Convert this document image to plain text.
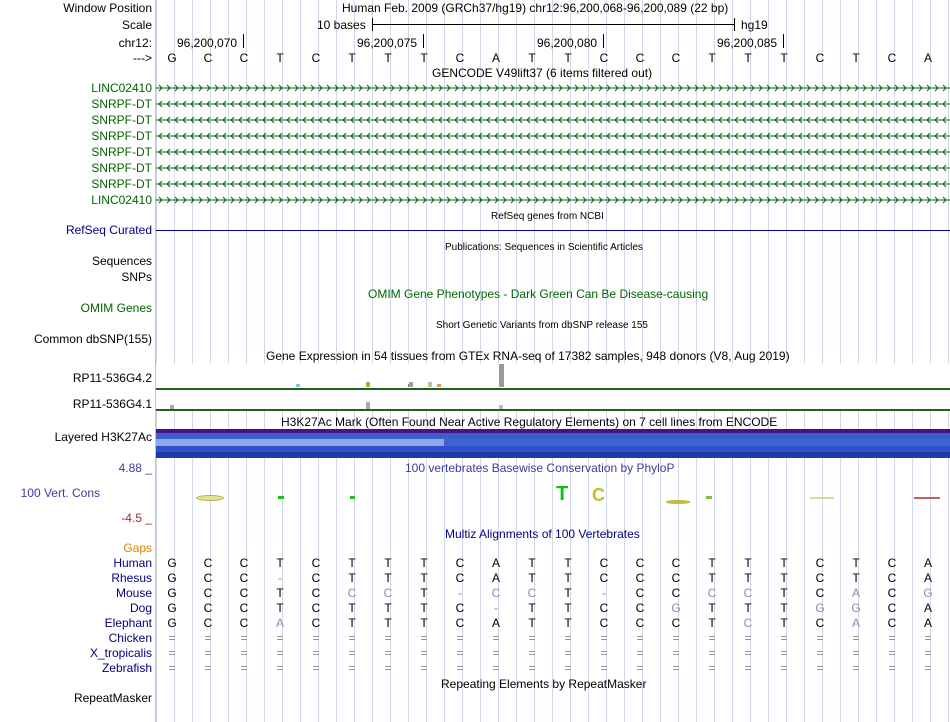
Window Position	Human Feb. 2009 (GRCh37/hg19) chr12:96,200,068-96,200,089 (22 bp)
Scale	10 bases	hg19
chr12: 96,200,070	96,200,075	96,200,080	96,200,085
--->	G	C	C	T	C	T	T	T	C	A	T	T	C	C	C	T	T	T	C	T	C	A
GENCODE V49lift37 (6 items filtered out)
LINC02410
SNRPF-DT
SNRPF-DT
SNRPF-DT
SNRPF-DT
SNRPF-DT
SNRPF-DT
LINC02410
RefSeq genes from NCBI
RefSeq Curated
Publications: Sequences in Scientific Articles
Sequences
SNPs
OMIM Gene Phenotypes - Dark Green Can Be Disease-causing
OMIM Genes
Short Genetic Variants from dbSNP release 155
Common dbSNP(155)
Gene Expression in 54 tissues from GTEx RNA-seq of 17382 samples, 948 donors (V8, Aug 2019)
RP11-536G4.2
RP11-536G4.1
H3K27Ac Mark (Often Found Near Active Regulatory Elements) on 7 cell lines from ENCODE
Layered H3K27Ac
4.88 _	100 vertebrates Basewise Conservation by PhyloP
100 Vert. Cons
-4.5 _
T C
Multiz Alignments of 100 Vertebrates
Gaps
Human	G	C	C	T	C	T	T	T	C	A	T	T	C	C	C	T	T	T	C	T	C	A
Rhesus	G	C	C	-	C	T	T	T	C	A	T	T	C	C	C	T	T	T	C	T	C	A
Mouse	G	C	C	T	C	C	C	T	-	C	C	T	-	C	C	C	C	T	C	A	C	G
Dog	G	C	C	T	C	T	T	T	C	-	T	T	C	C	G	T	T	T	G	G	C	A
Elephant	G	C	C	A	C	T	T	T	C	A	T	T	C	C	C	T	C	T	C	A	C	A
Chicken	=	=	=	=	=	=	=	=	=	=	=	=	=	=	=	=	=	=	=	=	=	=
X_tropicalis	=	=	=	=	=	=	=	=	=	=	=	=	=	=	=	=	=	=	=	=	=	=
Zebrafish	=	=	=	=	=	=	=	=	=	=	=	=	=	=	=	=	=	=	=	=	=	=
Repeating Elements by RepeatMasker
RepeatMasker
